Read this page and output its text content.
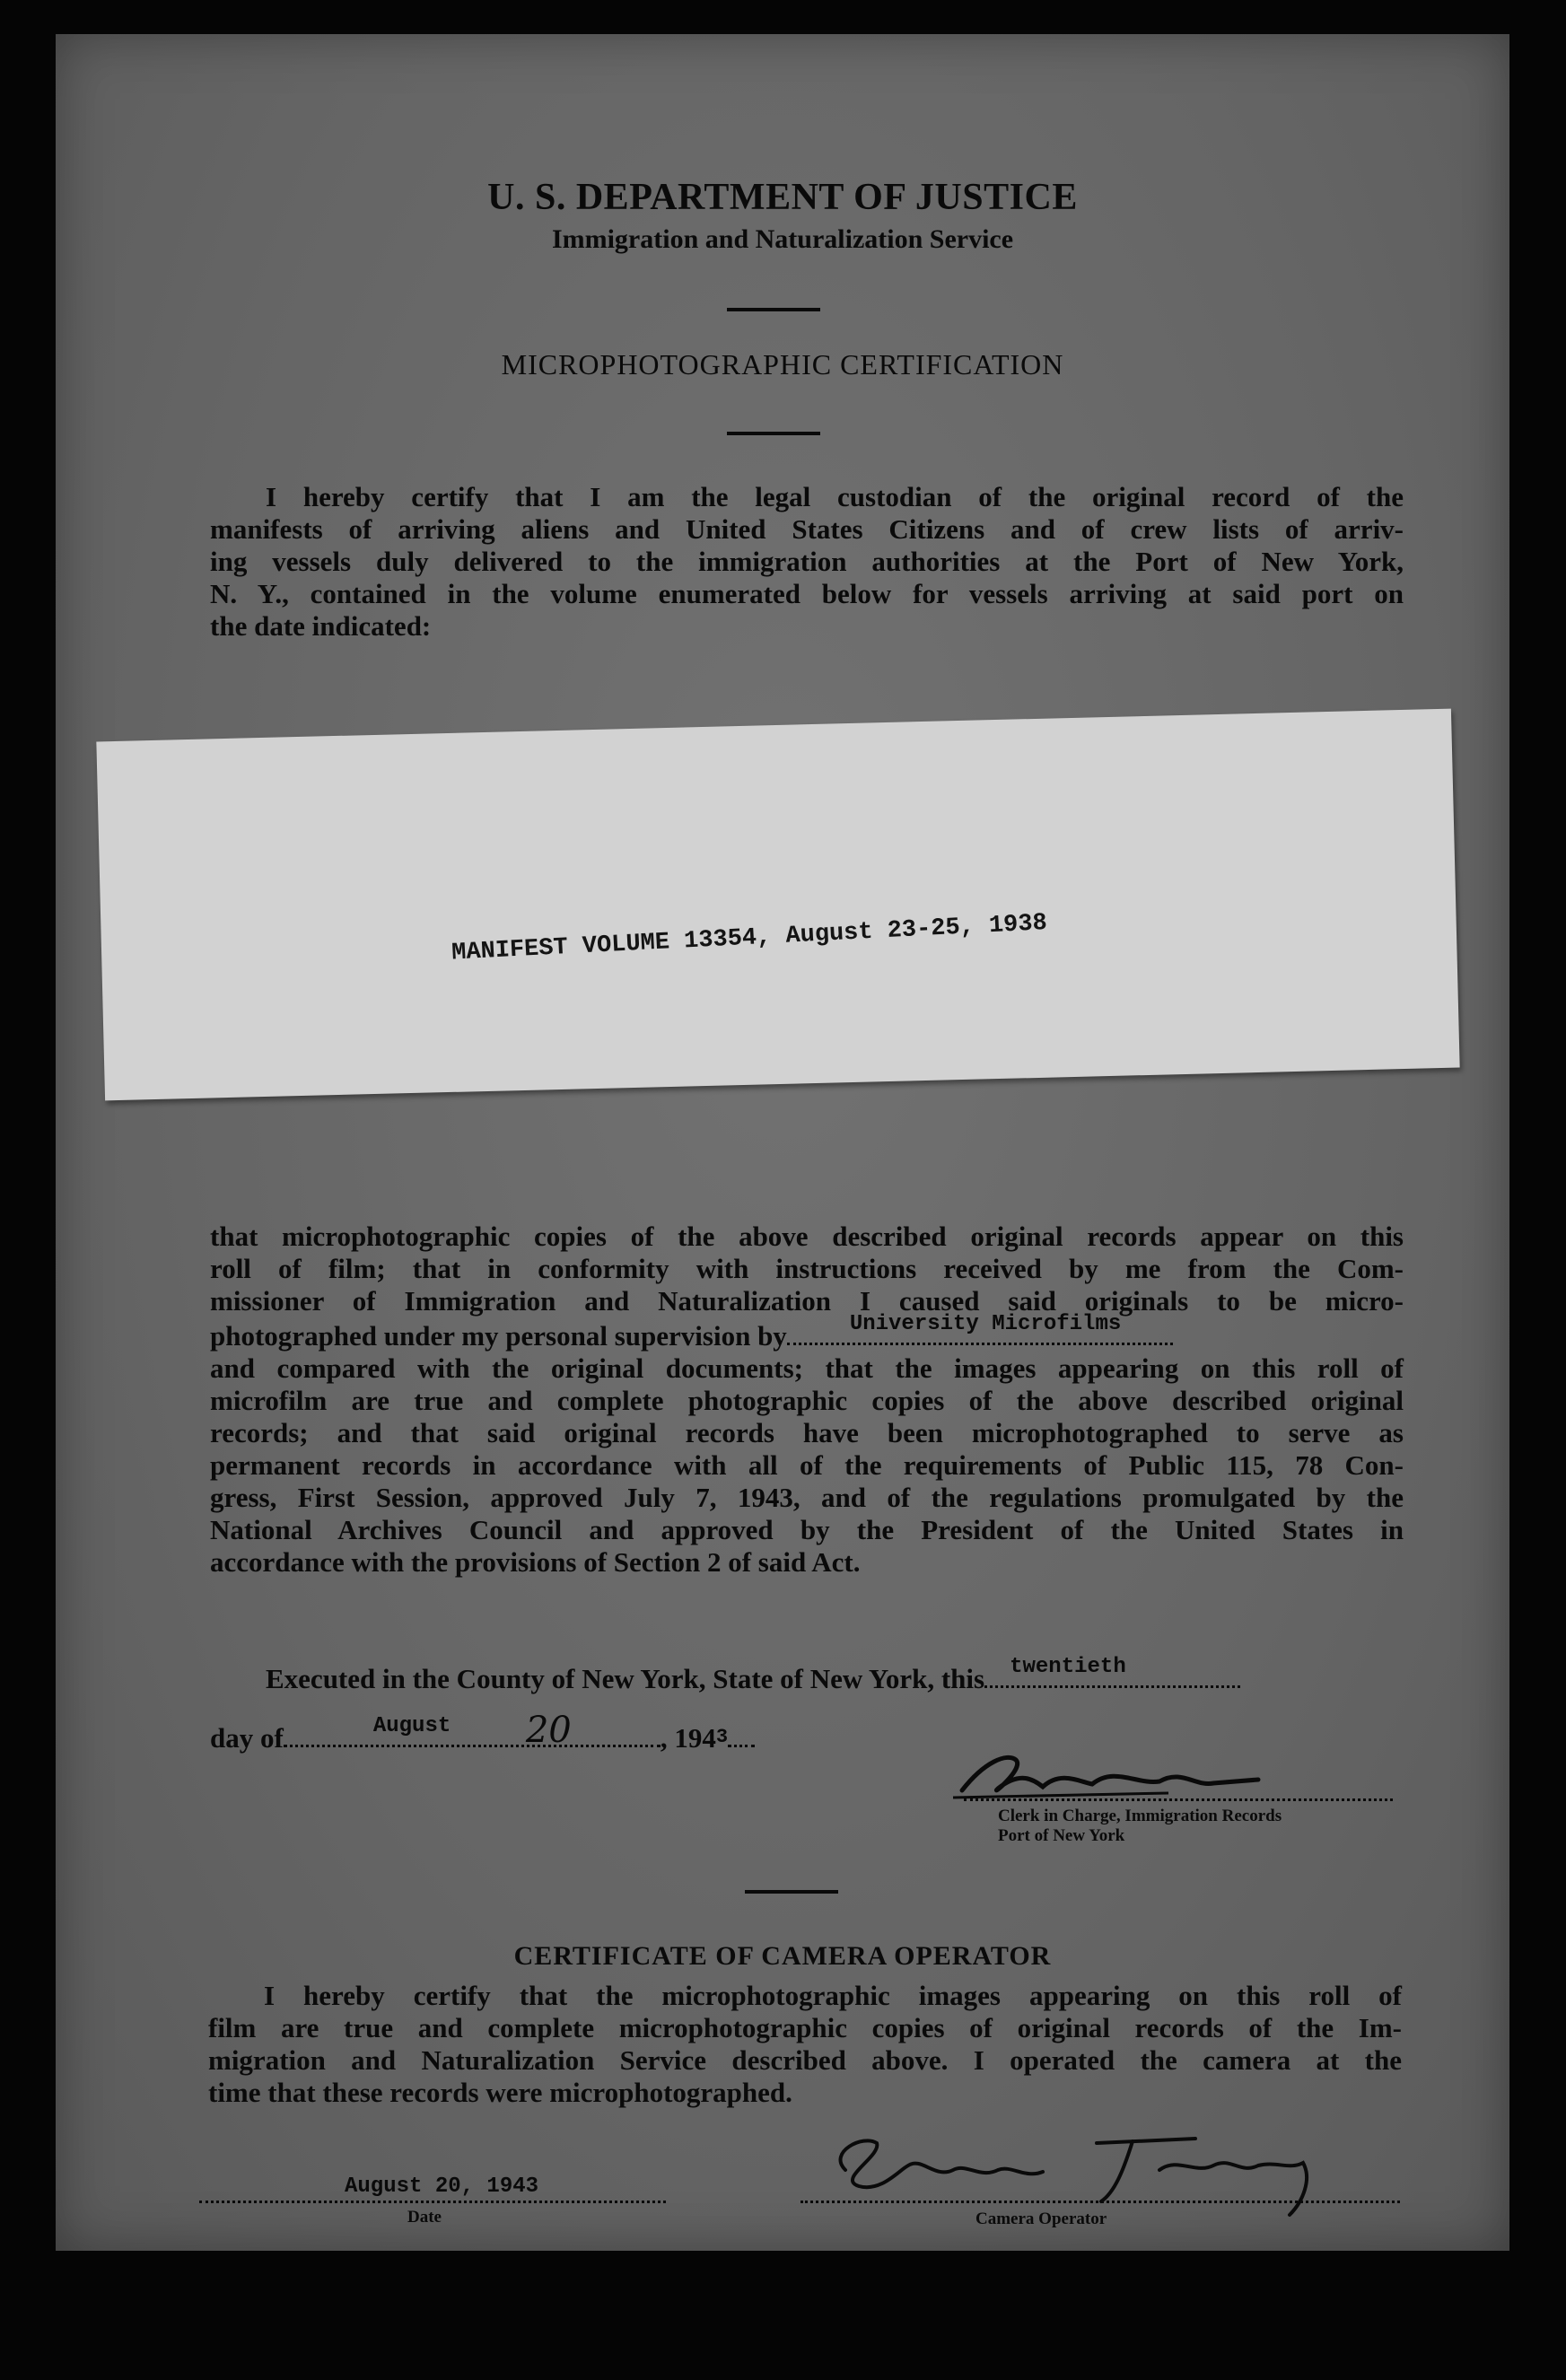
U. S. DEPARTMENT OF JUSTICE
Immigration and Naturalization Service
MICROPHOTOGRAPHIC CERTIFICATION
I hereby certify that I am the legal custodian of the original record of the
manifests of arriving aliens and United States Citizens and of crew lists of arriv-
ing vessels duly delivered to the immigration authorities at the Port of New York,
N. Y., contained in the volume enumerated below for vessels arriving at said port on
the date indicated:
MANIFEST VOLUME 13354, August 23-25, 1938
that microphotographic copies of the above described original records appear on this
roll of film; that in conformity with instructions received by me from the Com-
missioner of Immigration and Naturalization I caused said originals to be micro-
photographed under my personal supervision by	University Microfilms
and compared with the original documents; that the images appearing on this roll of
microfilm are true and complete photographic copies of the above described original
records; and that said original records have been microphotographed to serve as
permanent records in accordance with all of the requirements of Public 115, 78 Con-
gress, First Session, approved July 7, 1943, and of the regulations promulgated by the
National Archives Council and approved by the President of the United States in
accordance with the provisions of Section 2 of said Act.
Executed in the County of New York, State of New York, this twentieth
day of	August 20	, $194^3$
Clerk in Charge, Immigration Records
Port of New York
CERTIFICATE OF CAMERA OPERATOR
I hereby certify that the microphotographic images appearing on this roll of
film are true and complete microphotographic copies of original records of the Im-
migration and Naturalization Service described above. I operated the camera at the
time that these records were microphotographed.
August 20, 1943
Date	Camera Operator
